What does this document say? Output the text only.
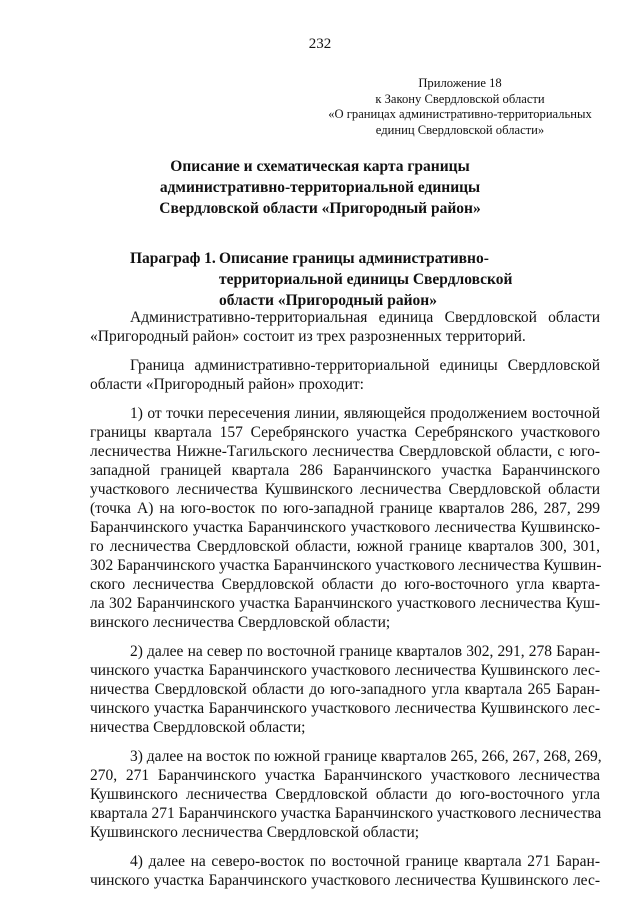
232
Приложение 18
к Закону Свердловской области
«О границах административно-территориальных
единиц Свердловской области»
Описание и схематическая карта границы
административно-территориальной единицы
Свердловской области «Пригородный район»
Параграф 1. Описание границы административно-
территориальной единицы Свердловской
области «Пригородный район»
Административно-территориальная единица Свердловской области
«Пригородный район» состоит из трех разрозненных территорий.
Граница административно-территориальной единицы Свердловской
области «Пригородный район» проходит:
1) от точки пересечения линии, являющейся продолжением восточной
границы квартала 157 Серебрянского участка Серебрянского участкового
лесничества Нижне-Тагильского лесничества Свердловской области, с юго-
западной границей квартала 286 Баранчинского участка Баранчинского
участкового лесничества Кушвинского лесничества Свердловской области
(точка А) на юго-восток по юго-западной границе кварталов 286, 287, 299
Баранчинского участка Баранчинского участкового лесничества Кушвинско-
го лесничества Свердловской области, южной границе кварталов 300, 301,
302 Баранчинского участка Баранчинского участкового лесничества Кушвин-
ского лесничества Свердловской области до юго-восточного угла кварта-
ла 302 Баранчинского участка Баранчинского участкового лесничества Куш-
винского лесничества Свердловской области;
2) далее на север по восточной границе кварталов 302, 291, 278 Баран-
чинского участка Баранчинского участкового лесничества Кушвинского лес-
ничества Свердловской области до юго-западного угла квартала 265 Баран-
чинского участка Баранчинского участкового лесничества Кушвинского лес-
ничества Свердловской области;
3) далее на восток по южной границе кварталов 265, 266, 267, 268, 269,
270, 271 Баранчинского участка Баранчинского участкового лесничества
Кушвинского лесничества Свердловской области до юго-восточного угла
квартала 271 Баранчинского участка Баранчинского участкового лесничества
Кушвинского лесничества Свердловской области;
4) далее на северо-восток по восточной границе квартала 271 Баран-
чинского участка Баранчинского участкового лесничества Кушвинского лес-
